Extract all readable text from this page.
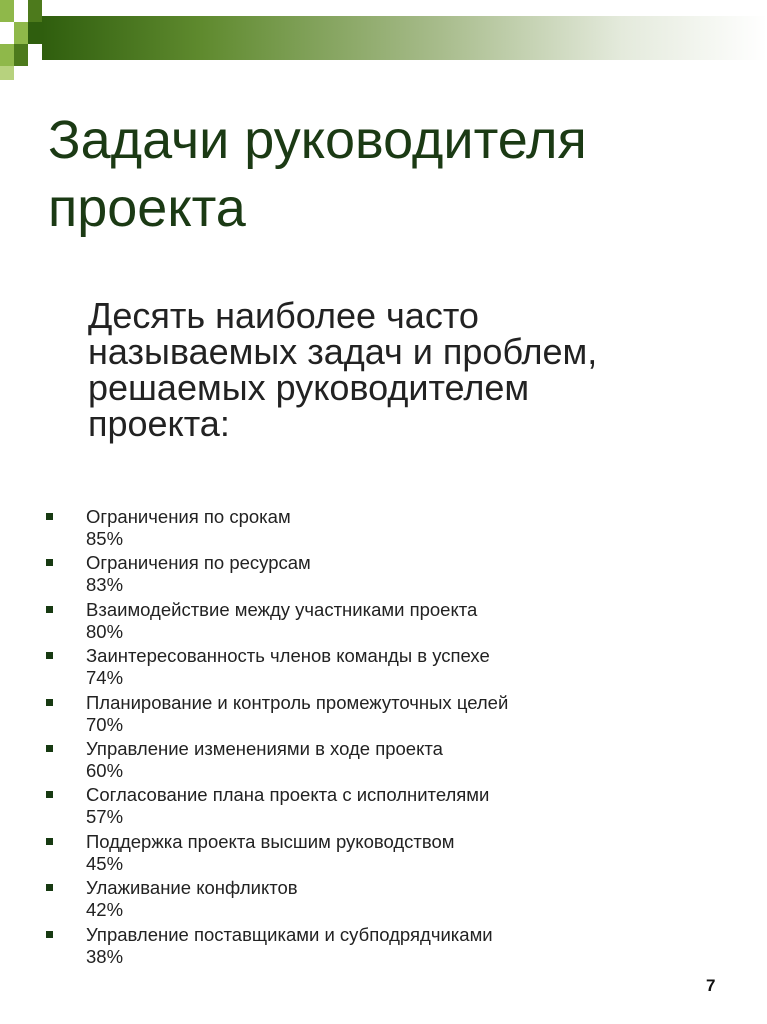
Задачи руководителя
проекта
Десять наиболее часто
называемых задач и проблем,
решаемых руководителем
проекта:
Ограничения по срокам
85%
Ограничения по ресурсам
83%
Взаимодействие между участниками проекта
80%
Заинтересованность членов команды в успехе
74%
Планирование и контроль промежуточных целей
70%
Управление изменениями в ходе проекта
60%
Согласование плана проекта с исполнителями
57%
Поддержка проекта высшим руководством
45%
Улаживание конфликтов
42%
Управление поставщиками и субподрядчиками
38%
7
